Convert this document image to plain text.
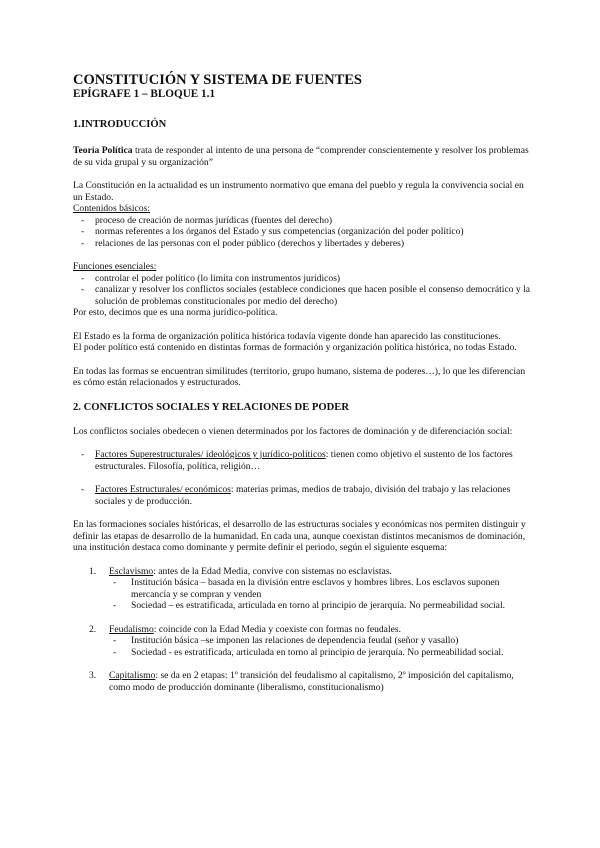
CONSTITUCIÓN Y SISTEMA DE FUENTES
EPÍGRAFE 1 – BLOQUE 1.1
1.INTRODUCCIÓN

Teoría Política trata de responder al intento de una persona de “comprender conscientemente y resolver los problemas de su vida grupal y su organización”

La Constitución en la actualidad es un instrumento normativo que emana del pueblo y regula la convivencia social en un Estado.

Contenidos básicos:

- proceso de creación de normas jurídicas (fuentes del derecho)
- normas referentes a los órganos del Estado y sus competencias (organización del poder político)
- relaciones de las personas con el poder público (derechos y libertades y deberes)

Funciones esenciales:

- controlar el poder político (lo limita con instrumentos jurídicos)
- canalizar y resolver los conflictos sociales (establece condiciones que hacen posible el consenso democrático y la solución de problemas constitucionales por medio del derecho)

Por esto, decimos que es una norma jurídico-política.

El Estado es la forma de organización política histórica todavía vigente donde han aparecido las constituciones.

El poder político está contenido en distintas formas de formación y organización política histórica, no todas Estado.

En todas las formas se encuentran similitudes (territorio, grupo humano, sistema de poderes…), lo que les diferencian es cómo están relacionados y estructurados.

2. CONFLICTOS SOCIALES Y RELACIONES DE PODER

Los conflictos sociales obedecen o vienen determinados por los factores de dominación y de diferenciación social:

- Factores Superestructurales/ ideológicos y jurídico-políticos: tienen como objetivo el sustento de los factores estructurales. Filosofía, política, religión…
- Factores Estructurales/ económicos: materias primas, medios de trabajo, división del trabajo y las relaciones sociales y de producción.

En las formaciones sociales históricas, el desarrollo de las estructuras sociales y económicas nos permiten distinguir y definir las etapas de desarrollo de la humanidad. En cada una, aunque coexistan distintos mecanismos de dominación, una institución destaca como dominante y permite definir el periodo, según el siguiente esquema:

1. Esclavismo: antes de la Edad Media, convive con sistemas no esclavistas.
- Institución básica – basada en la división entre esclavos y hombres libres. Los esclavos suponen mercancía y se compran y venden
- Sociedad – es estratificada, articulada en torno al principio de jerarquía. No permeabilidad social.
2. Feudalismo: coincide con la Edad Media y coexiste con formas no feudales.
- Institución básica –se imponen las relaciones de dependencia feudal (señor y vasallo)
- Sociedad - es estratificada, articulada en torno al principio de jerarquía. No permeabilidad social.
3. Capitalismo: se da en 2 etapas: 1º transición del feudalismo al capitalismo, 2º imposición del capitalismo, como modo de producción dominante (liberalismo, constitucionalismo)
